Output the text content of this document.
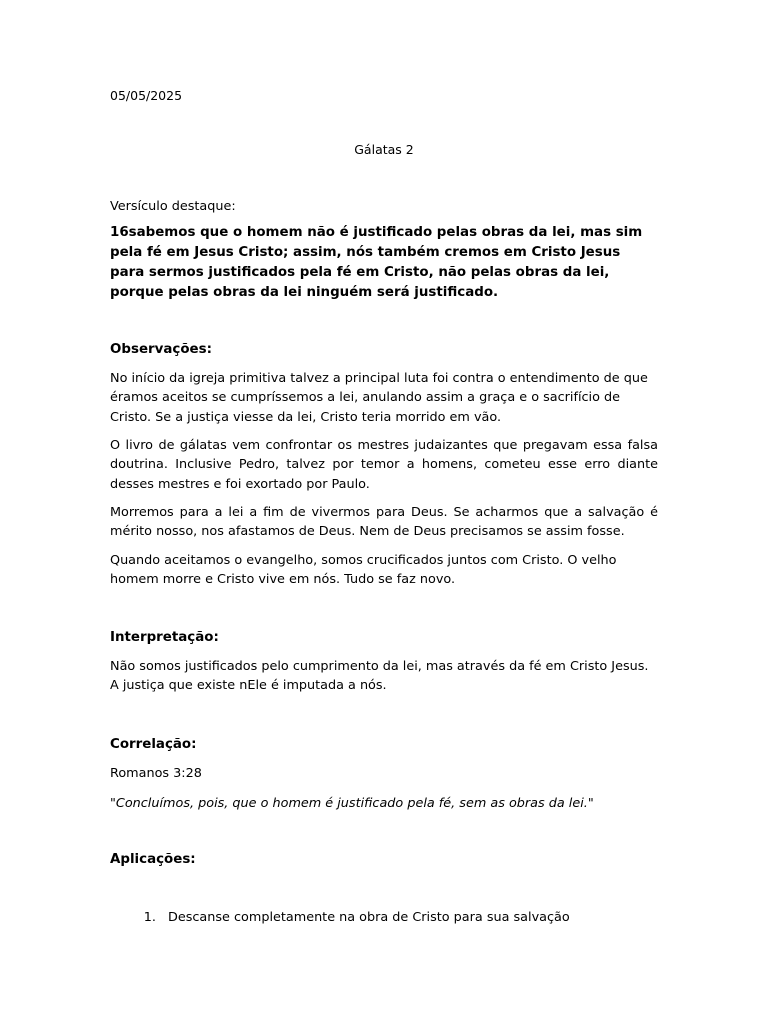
05/05/2025

Gálatas 2

Versículo destaque:

16sabemos que o homem não é justificado pelas obras da lei, mas sim pela fé em Jesus Cristo; assim, nós também cremos em Cristo Jesus para sermos justificados pela fé em Cristo, não pelas obras da lei, porque pelas obras da lei ninguém será justificado.

Observações:

No início da igreja primitiva talvez a principal luta foi contra o entendimento de que éramos aceitos se cumpríssemos a lei, anulando assim a graça e o sacrifício de Cristo. Se a justiça viesse da lei, Cristo teria morrido em vão.

O livro de gálatas vem confrontar os mestres judaizantes que pregavam essa falsa doutrina. Inclusive Pedro, talvez por temor a homens, cometeu esse erro diante desses mestres e foi exortado por Paulo.

Morremos para a lei a fim de vivermos para Deus. Se acharmos que a salvação é mérito nosso, nos afastamos de Deus. Nem de Deus precisamos se assim fosse.

Quando aceitamos o evangelho, somos crucificados juntos com Cristo. O velho homem morre e Cristo vive em nós. Tudo se faz novo.

Interpretação:

Não somos justificados pelo cumprimento da lei, mas através da fé em Cristo Jesus. A justiça que existe nEle é imputada a nós.

Correlação:

Romanos 3:28

"Concluímos, pois, que o homem é justificado pela fé, sem as obras da lei."

Aplicações:

1. Descanse completamente na obra de Cristo para sua salvação
